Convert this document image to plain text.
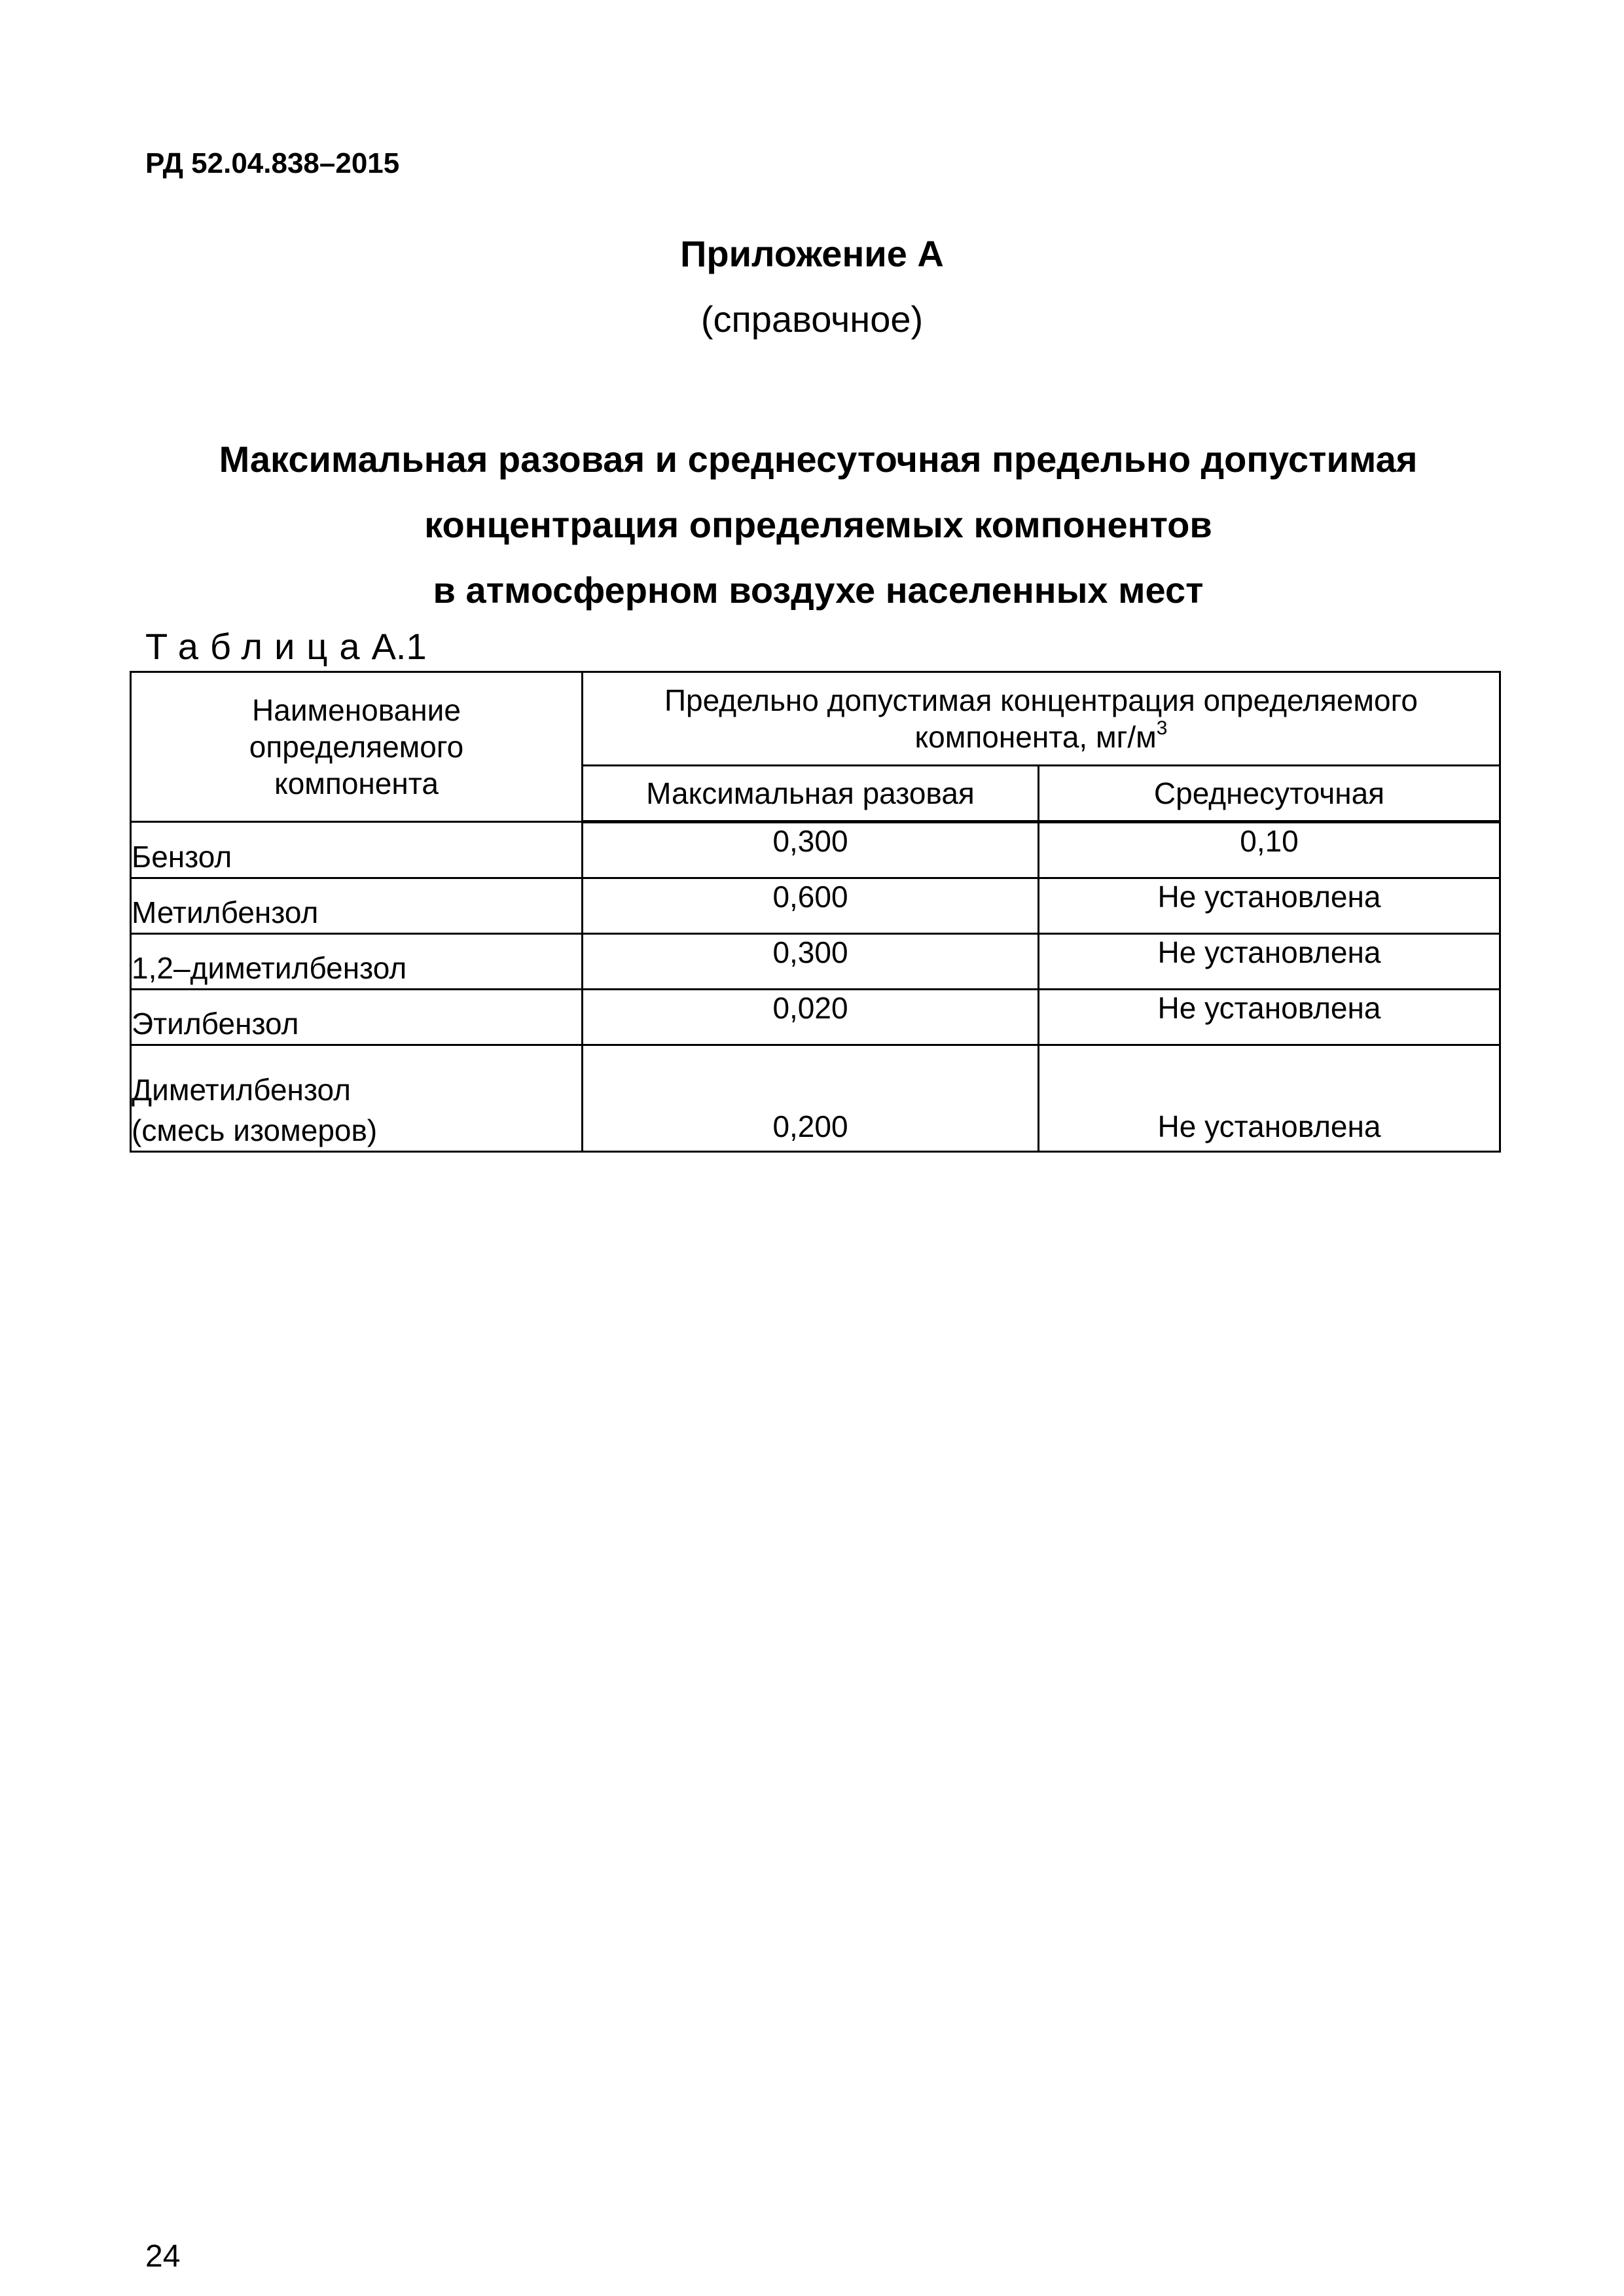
РД 52.04.838–2015
Приложение А
(справочное)
Максимальная разовая и среднесуточная предельно допустимая
концентрация определяемых компонентов
в атмосферном воздухе населенных мест
ТаблицаА.1
Наименование определяемого компонента	Предельно допустимая концентрация определяемого компонента, $мг/м^3$
	Максимальная разовая	Среднесуточная
Бензол	0,300	0,10
Метилбензол	0,600	Не установлена
1,2–диметилбензол	0,300	Не установлена
Этилбензол	0,020	Не установлена

Диметилбензол
(смесь изомеров)	0,200	Не установлена
24
